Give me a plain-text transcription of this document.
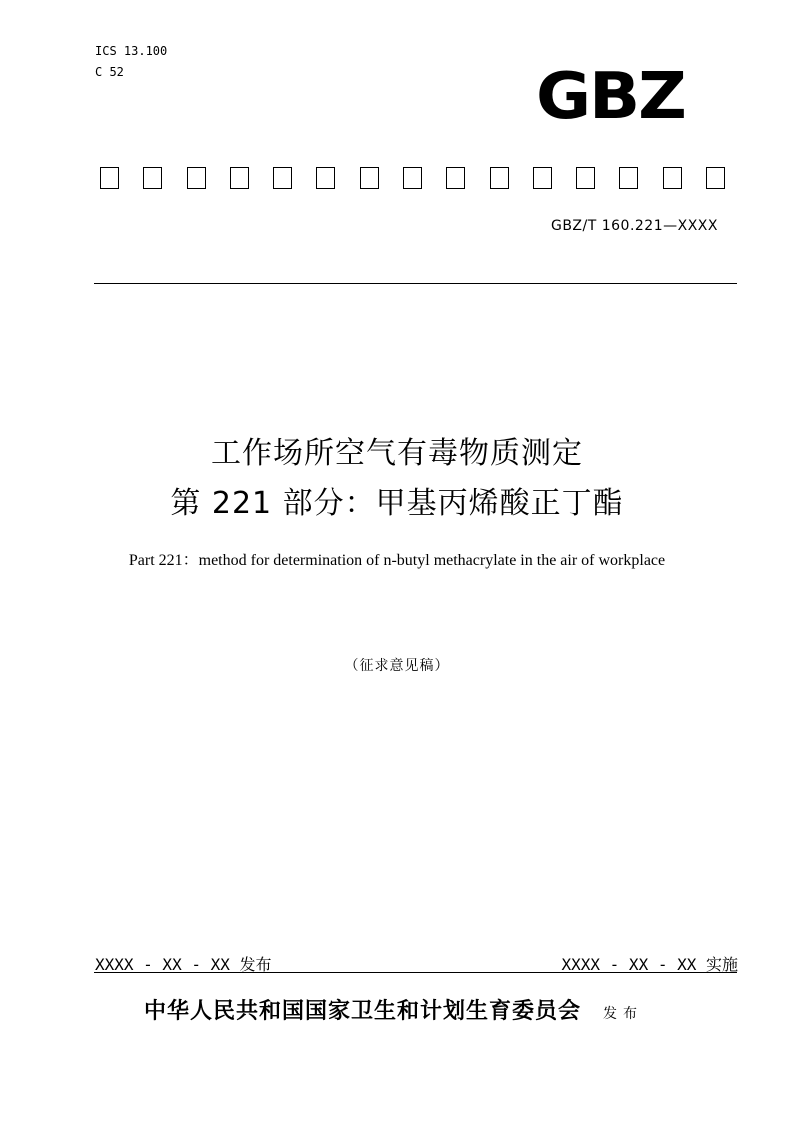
ICS 13.100
C 52	GBZ
GBZ/T 160.221—XXXX
工作场所空气有毒物质测定
第 221 部分：甲基丙烯酸正丁酯
Part 221：method for determination of n-butyl methacrylate in the air of workplace
（征求意见稿）
XXXX - XX - XX 发布	XXXX - XX - XX 实施
中华人民共和国国家卫生和计划生育委员会 发布
